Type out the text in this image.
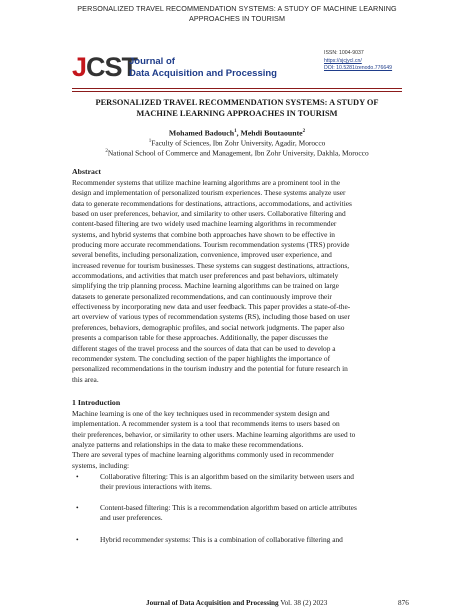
PERSONALIZED TRAVEL RECOMMENDATION SYSTEMS: A STUDY OF MACHINE LEARNING APPROACHES IN TOURISM
JCST
Journal of
Data Acquisition and Processing
ISSN: 1004-9037
https://sjcjycl.cn/
DOI: 10.5281/zenodo.776649
PERSONALIZED TRAVEL RECOMMENDATION SYSTEMS: A STUDY OF
MACHINE LEARNING APPROACHES IN TOURISM
Mohamed Badouch$^1$, Mehdi Boutaounte$^2$
$^1$Faculty of Sciences, Ibn Zohr University, Agadir, Morocco
$^2$National School of Commerce and Management, Ibn Zohr University, Dakhla, Morocco
Abstract
Recommender systems that utilize machine learning algorithms are a prominent tool in the
design and implementation of personalized tourism experiences. These systems analyze user
data to generate recommendations for destinations, attractions, accommodations, and activities
based on user preferences, behavior, and similarity to other users. Collaborative filtering and
content-based filtering are two widely used machine learning algorithms in recommender
systems, and hybrid systems that combine both approaches have shown to be effective in
producing more accurate recommendations. Tourism recommendation systems (TRS) provide
several benefits, including personalization, convenience, improved user experience, and
increased revenue for tourism businesses. These systems can suggest destinations, attractions,
accommodations, and activities that match user preferences and past behaviors, ultimately
simplifying the trip planning process. Machine learning algorithms can be trained on large
datasets to generate personalized recommendations, and can continuously improve their
effectiveness by incorporating new data and user feedback. This paper provides a state-of-the-
art overview of various types of recommendation systems (RS), including those based on user
preferences, behaviors, demographic profiles, and social network judgments. The paper also
presents a comparison table for these approaches. Additionally, the paper discusses the
different stages of the travel process and the sources of data that can be used to develop a
recommender system. The concluding section of the paper highlights the importance of
personalized recommendations in the tourism industry and the potential for future research in
this area.
1 Introduction
Machine learning is one of the key techniques used in recommender system design and
implementation. A recommender system is a tool that recommends items to users based on
their preferences, behavior, or similarity to other users. Machine learning algorithms are used to
analyze patterns and relationships in the data to make these recommendations.
There are several types of machine learning algorithms commonly used in recommender
systems, including:
•	Collaborative filtering: This is an algorithm based on the similarity between users and
their previous interactions with items.
•	Content-based filtering: This is a recommendation algorithm based on article attributes
and user preferences.
•	Hybrid recommender systems: This is a combination of collaborative filtering and
Journal of Data Acquisition and Processing Vol. 38 (2) 2023	876
